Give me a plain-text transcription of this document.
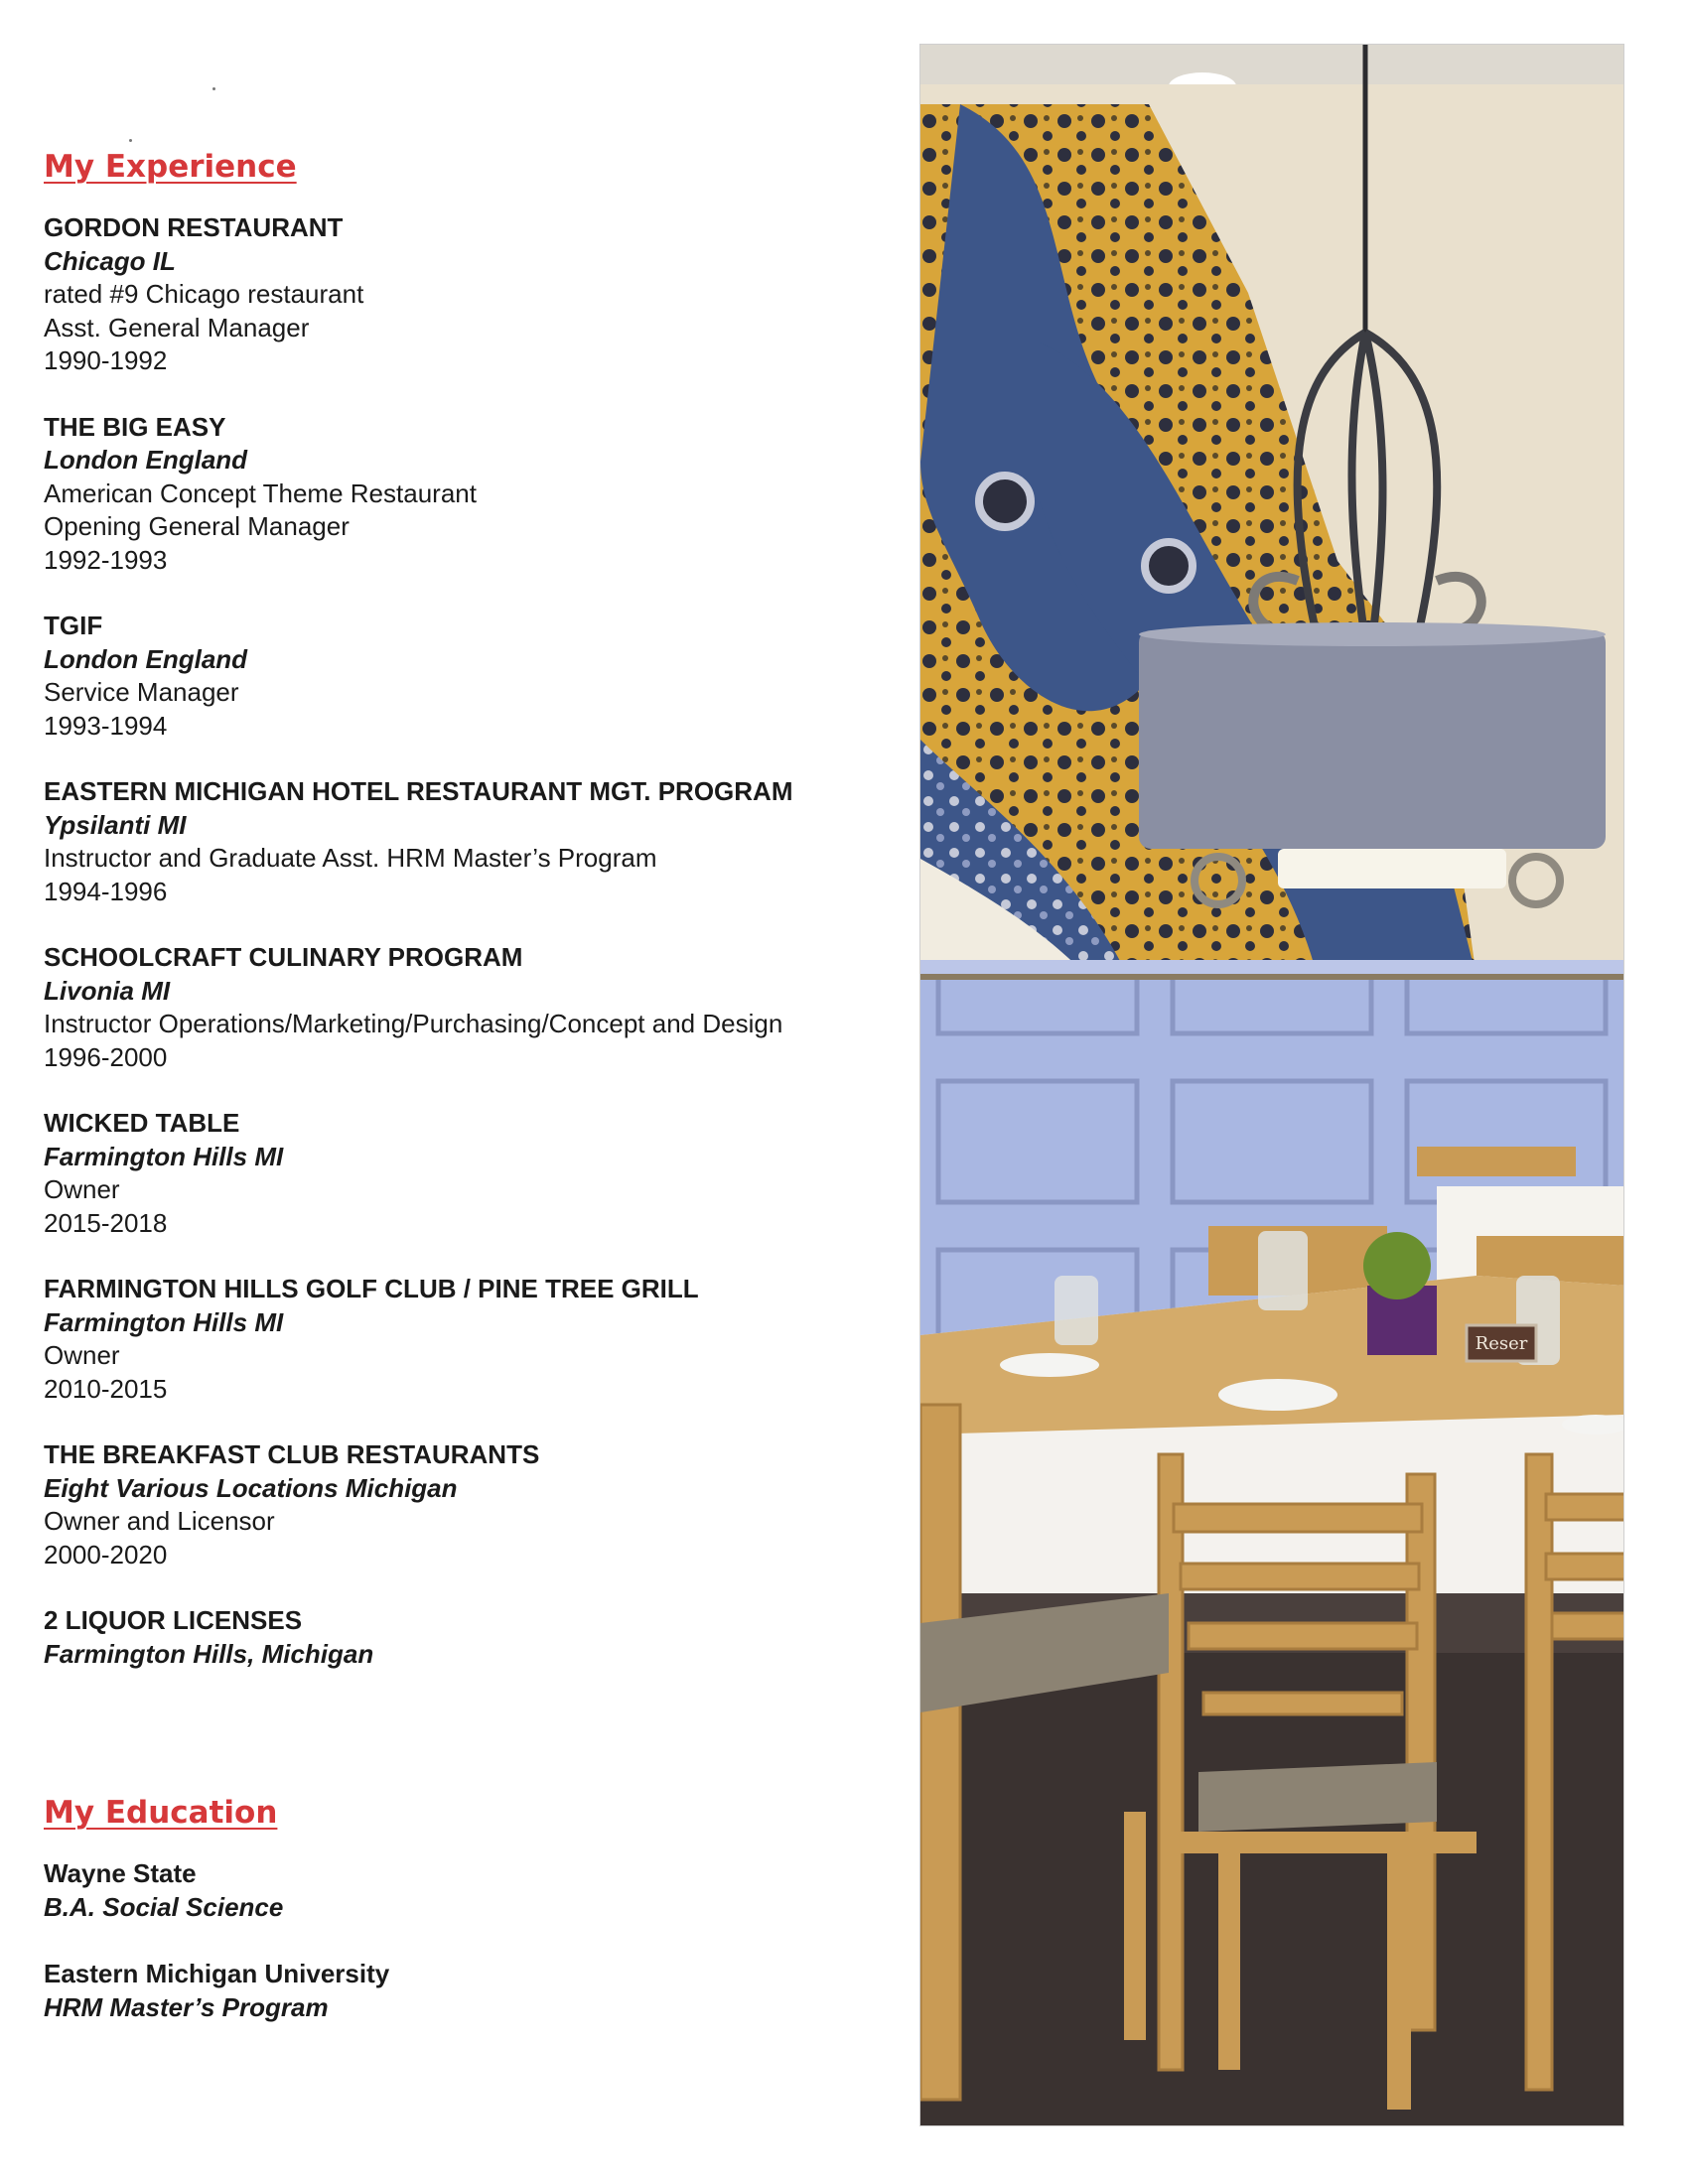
My Experience
GORDON RESTAURANT
Chicago IL
rated #9 Chicago restaurant
Asst. General Manager
1990-1992
THE BIG EASY
London England
American Concept Theme Restaurant
Opening General Manager
1992-1993
TGIF
London England
Service Manager
1993-1994
EASTERN MICHIGAN HOTEL RESTAURANT MGT. PROGRAM
Ypsilanti MI
Instructor and Graduate Asst. HRM Master’s Program
1994-1996
SCHOOLCRAFT CULINARY PROGRAM
Livonia MI
Instructor Operations/Marketing/Purchasing/Concept and Design
1996-2000
WICKED TABLE
Farmington Hills MI
Owner
2015-2018
FARMINGTON HILLS GOLF CLUB / PINE TREE GRILL
Farmington Hills MI
Owner
2010-2015
THE BREAKFAST CLUB RESTAURANTS
Eight Various Locations Michigan
Owner and Licensor
2000-2020
2 LIQUOR LICENSES
Farmington Hills, Michigan
My Education
Wayne State
B.A. Social Science
Eastern Michigan University
HRM Master’s Program
Reser
